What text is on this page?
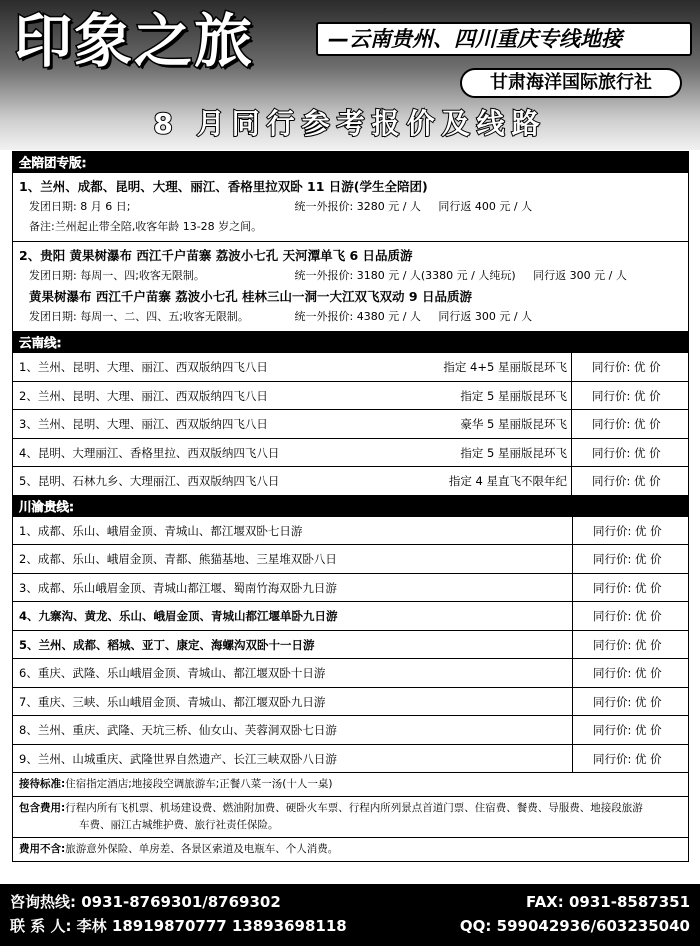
印象之旅	—云南贵州、四川重庆专线地接
甘肃海洋国际旅行社
8 月同行参考报价及线路
全陪团专版:
1、兰州、成都、昆明、大理、丽江、香格里拉双卧 11 日游(学生全陪团)
发团日期: 8 月 6 日;	统一外报价: 3280 元 / 人 同行返 400 元 / 人
备注:兰州起止带全陪,收客年龄 13-28 岁之间。
2、贵阳 黄果树瀑布 西江千户苗寨 荔波小七孔 天河潭单飞 6 日品质游
发团日期: 每周一、四;收客无限制。	统一外报价: 3180 元 / 人(3380 元 / 人纯玩) 同行返 300 元 / 人
黄果树瀑布 西江千户苗寨 荔波小七孔 桂林三山一洞一大江双飞双动 9 日品质游
发团日期: 每周一、二、四、五;收客无限制。	统一外报价: 4380 元 / 人 同行返 300 元 / 人
云南线:
1、兰州、昆明、大理、丽江、西双版纳四飞八日	指定 4+5 星丽版昆环飞	同行价: 优 价
2、兰州、昆明、大理、丽江、西双版纳四飞八日	指定 5 星丽版昆环飞	同行价: 优 价
3、兰州、昆明、大理、丽江、西双版纳四飞八日	豪华 5 星丽版昆环飞	同行价: 优 价
4、昆明、大理丽江、香格里拉、西双版纳四飞八日	指定 5 星丽版昆环飞	同行价: 优 价
5、昆明、石林九乡、大理丽江、西双版纳四飞八日	指定 4 星直飞不限年纪	同行价: 优 价
川渝贵线:
1、成都、乐山、峨眉金顶、青城山、都江堰双卧七日游	同行价: 优 价
2、成都、乐山、峨眉金顶、青都、熊猫基地、三星堆双卧八日	同行价: 优 价
3、成都、乐山峨眉金顶、青城山都江堰、蜀南竹海双卧九日游	同行价: 优 价
4、九寨沟、黄龙、乐山、峨眉金顶、青城山都江堰单卧九日游	同行价: 优 价
5、兰州、成都、稻城、亚丁、康定、海螺沟双卧十一日游	同行价: 优 价
6、重庆、武隆、乐山峨眉金顶、青城山、都江堰双卧十日游	同行价: 优 价
7、重庆、三峡、乐山峨眉金顶、青城山、都江堰双卧九日游	同行价: 优 价
8、兰州、重庆、武隆、天坑三桥、仙女山、芙蓉洞双卧七日游	同行价: 优 价
9、兰州、山城重庆、武隆世界自然遗产、长江三峡双卧八日游	同行价: 优 价
接待标准:住宿指定酒店;地接段空调旅游车;正餐八菜一汤(十人一桌)
包含费用:行程内所有飞机票、机场建设费、燃油附加费、硬卧火车票、行程内所列景点首道门票、住宿费、餐费、导服费、地接段旅游
车费、丽江古城维护费、旅行社责任保险。
费用不含:旅游意外保险、单房差、各景区索道及电瓶车、个人消费。
咨询热线: 0931-8769301/8769302	FAX: 0931-8587351
联 系 人: 李林 18919870777 13893698118	QQ: 599042936/603235040
